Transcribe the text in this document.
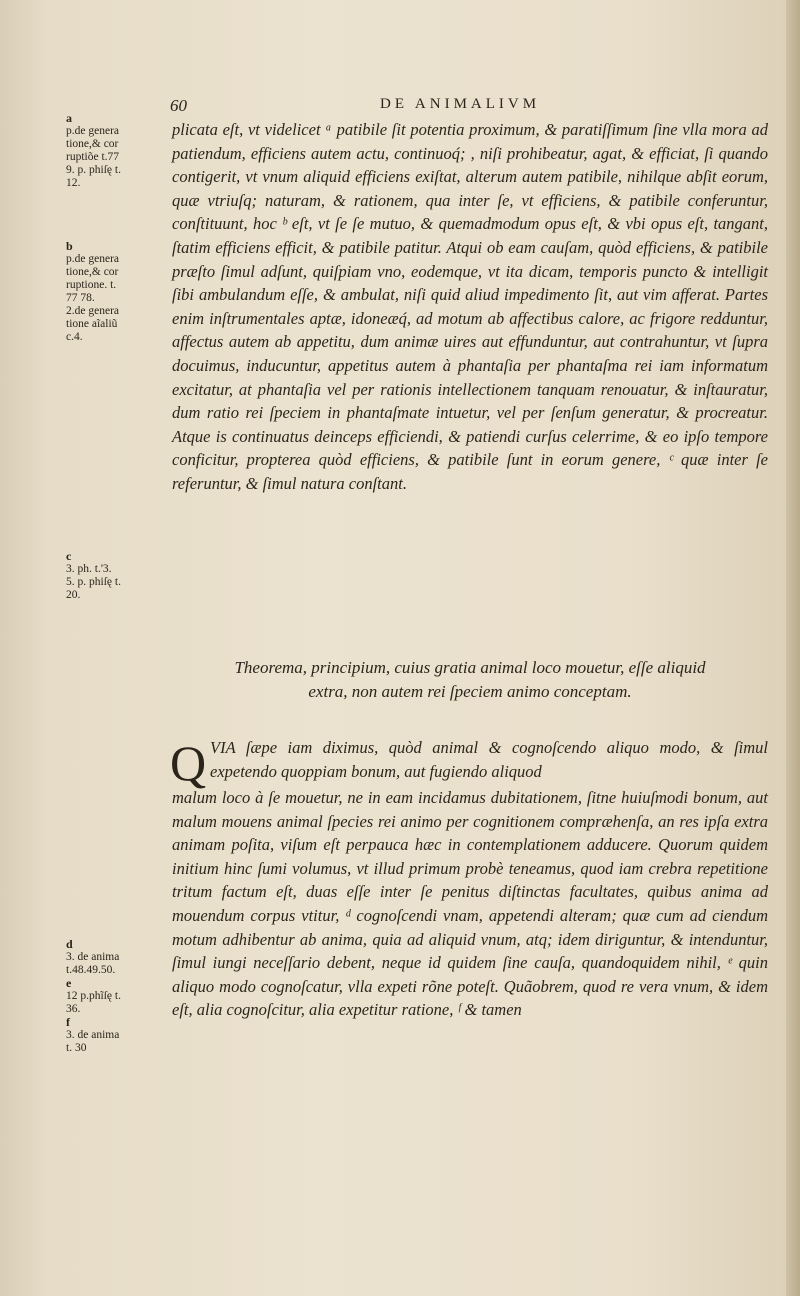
60	DE ANIMALIVM
a
p.de genera
tione,& cor
ruptiõe t.77
9. p. phiſę t.
12.
b
p.de genera
tione,& cor
ruptione. t.
77 78.
2.de genera
tione aĩaliũ
c.4.
c
3. ph. t.'3.
5. p. phiſę t.
20.
d
3. de anima
t.48.49.50.
e
12 p.phĩſę t.
36.
f
3. de anima
t. 30

plicata eſt, vt videlicet ᵃ patibile ſit potentia proximum, & paratiſſimum ſine vlla mora ad patiendum, efficiens autem actu, continuoq́; , niſi prohibeatur, agat, & efficiat, ſi quando contigerit, vt vnum aliquid efficiens exiſtat, alterum autem patibile, nihilque abſit eorum, quæ vtriuſq; naturam, & rationem, qua inter ſe, vt efficiens, & patibile conferuntur, conſtituunt, hoc ᵇ eſt, vt ſe ſe mutuo, & quemadmodum opus eſt, & vbi opus eſt, tangant, ſtatim efficiens efficit, & patibile patitur. Atqui ob eam cauſam, quòd efficiens, & patibile præſto ſimul adſunt, quiſpiam vno, eodemque, vt ita dicam, temporis puncto & intelligit ſibi ambulandum eſſe, & ambulat, niſi quid aliud impedimento ſit, aut vim afferat. Partes enim inſtrumentales aptæ, idoneæq́, ad motum ab affectibus calore, ac frigore redduntur, affectus autem ab appetitu, dum animæ uires aut effunduntur, aut contrahuntur, vt ſupra docuimus, inducuntur, appetitus autem à phantaſia per phantaſma rei iam informatum excitatur, at phantaſia vel per rationis intellectionem tanquam renouatur, & inſtauratur, dum ratio rei ſpeciem in phantaſmate intuetur, vel per ſenſum generatur, & procreatur. Atque is continuatus deinceps efficiendi, & patiendi curſus celerrime, & eo ipſo tempore conficitur, propterea quòd efficiens, & patibile ſunt in eorum genere, ᶜ quæ inter ſe referuntur, & ſimul natura conſtant.

Theorema, principium, cuius gratia animal loco mouetur, eſſe aliquid
extra, non autem rei ſpeciem animo conceptam.
Q VIA ſæpe iam diximus, quòd animal & cognoſcendo aliquo modo, & ſimul expetendo quoppiam bonum, aut fugiendo aliquod

malum loco à ſe mouetur, ne in eam incidamus dubitationem, ſitne huiuſmodi bonum, aut malum mouens animal ſpecies rei animo per cognitionem compræhenſa, an res ipſa extra animam poſita, viſum eſt perpauca hæc in contemplationem adducere. Quorum quidem initium hinc ſumi volumus, vt illud primum probè teneamus, quod iam crebra repetitione tritum factum eſt, duas eſſe inter ſe penitus diſtinctas facultates, quibus anima ad mouendum corpus vtitur, ᵈ cognoſcendi vnam, appetendi alteram; quæ cum ad ciendum motum adhibentur ab anima, quia ad aliquid vnum, atq; idem diriguntur, & intenduntur, ſimul iungi neceſſario debent, neque id quidem ſine cauſa, quandoquidem nihil, ᵉ quin aliquo modo cognoſcatur, vlla expeti rõne poteſt. Quãobrem, quod re vera vnum, & idem eſt, alia cognoſcitur, alia expetitur ratione, ᶠ & tamen
